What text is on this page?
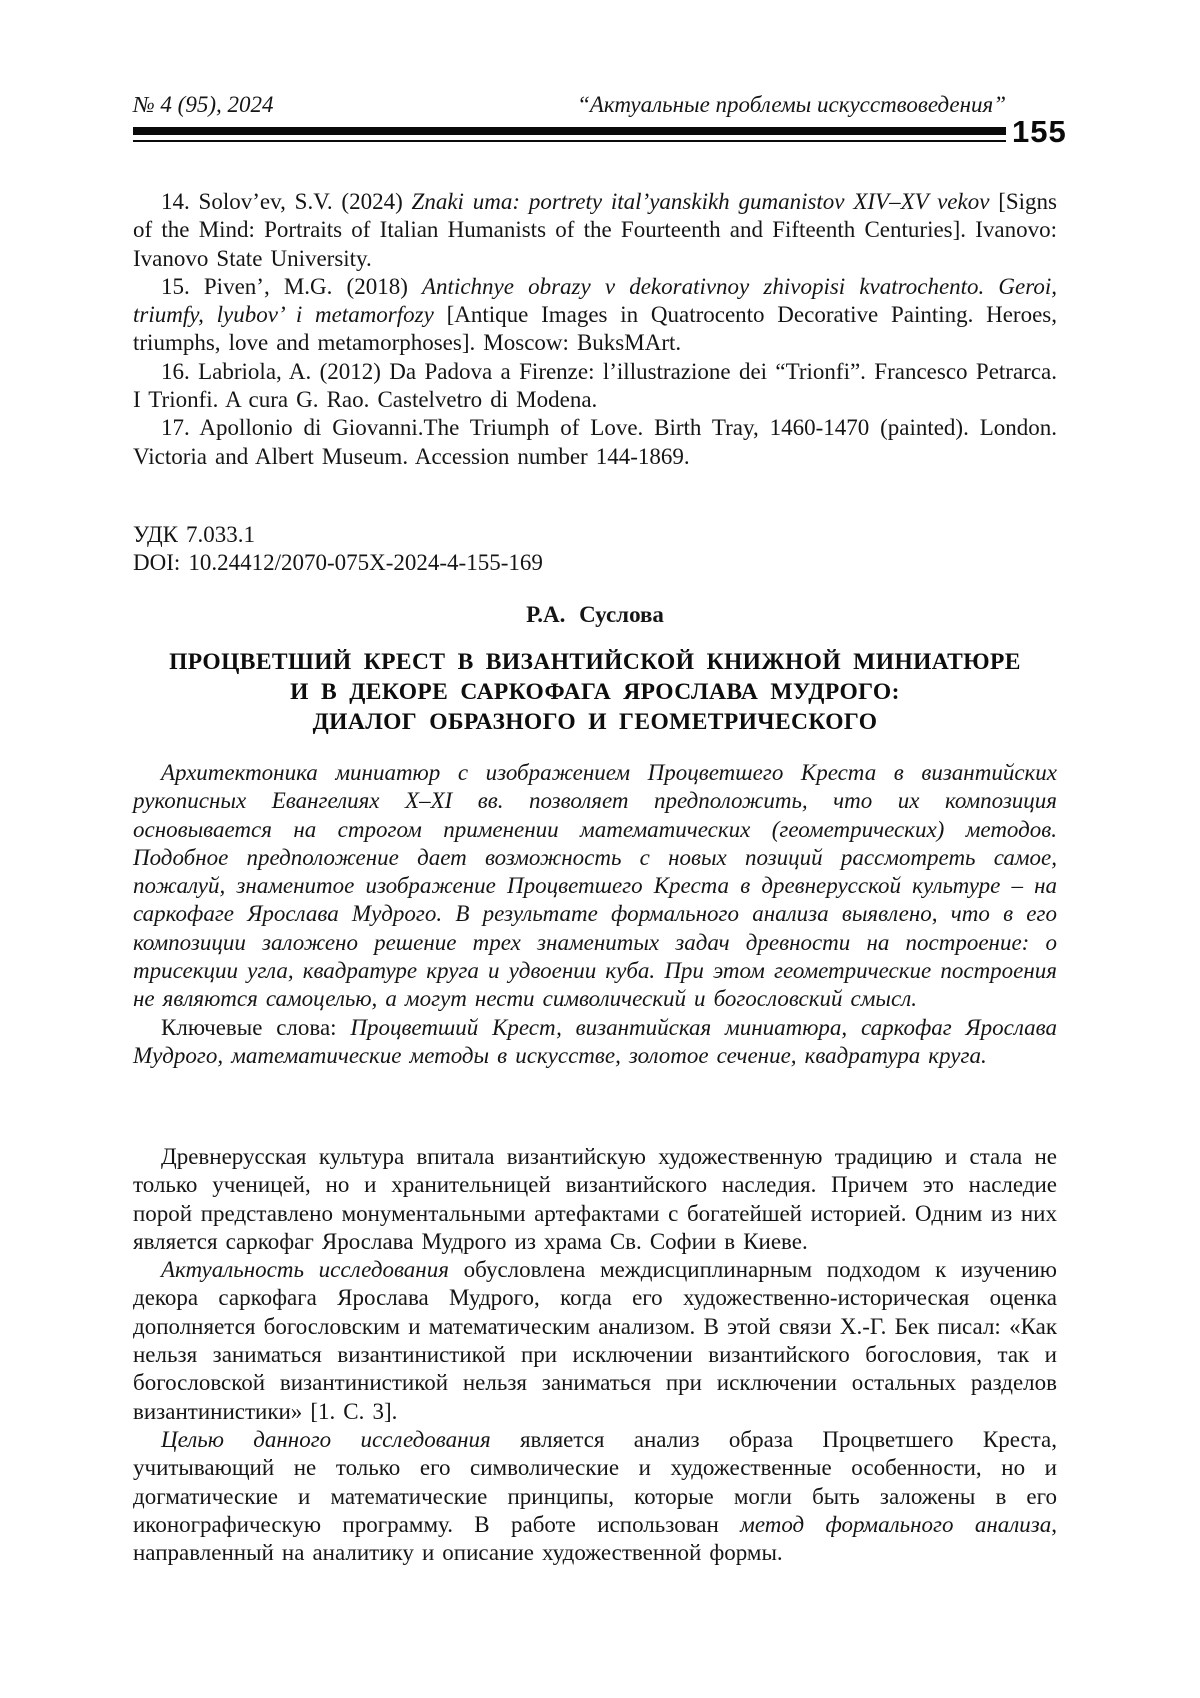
№ 4 (95), 2024	“Актуальные проблемы искусствоведения”
155

14. Solov’ev, S.V. (2024) Znaki uma: portrety ital’yanskikh gumanistov XIV–XV vekov [Signs of the Mind: Portraits of Italian Humanists of the Fourteenth and Fifteenth Centuries]. Ivanovo: Ivanovo State University.

15. Piven’, M.G. (2018) Antichnye obrazy v dekorativnoy zhivopisi kvatrochento. Geroi, triumfy, lyubov’ i metamorfozy [Antique Images in Quatrocento Decorative Painting. Heroes, triumphs, love and metamorphoses]. Moscow: BuksMArt.

16. Labriola, A. (2012) Da Padova a Firenze: l’illustrazione dei “Trionfi”. Francesco Petrarca. I Trionfi. A cura G. Rao. Castelvetro di Modena.

17. Apollonio di Giovanni.The Triumph of Love. Birth Tray, 1460-1470 (painted). London. Victoria and Albert Museum. Accession number 144-1869.

УДК 7.033.1

DOI: 10.24412/2070-075X-2024-4-155-169

Р.А. Суслова
ПРОЦВЕТШИЙ КРЕСТ В ВИЗАНТИЙСКОЙ КНИЖНОЙ МИНИАТЮРЕ
И В ДЕКОРЕ САРКОФАГА ЯРОСЛАВА МУДРОГО:
ДИАЛОГ ОБРАЗНОГО И ГЕОМЕТРИЧЕСКОГО

Архитектоника миниатюр с изображением Процветшего Креста в византийских рукописных Евангелиях X–XI вв. позволяет предположить, что их композиция основывается на строгом применении математических (геометрических) методов. Подобное предположение дает возможность с новых позиций рассмотреть самое, пожалуй, знаменитое изображение Процветшего Креста в древнерусской культуре – на саркофаге Ярослава Мудрого. В результате формального анализа выявлено, что в его композиции заложено решение трех знаменитых задач древности на построение: о трисекции угла, квадратуре круга и удвоении куба. При этом геометрические построения не являются самоцелью, а могут нести символический и богословский смысл.

Ключевые слова: Процветший Крест, византийская миниатюра, саркофаг Ярослава Мудрого, математические методы в искусстве, золотое сечение, квадратура круга.

Древнерусская культура впитала византийскую художественную традицию и стала не только ученицей, но и хранительницей византийского наследия. Причем это наследие порой представлено монументальными артефактами с богатейшей историей. Одним из них является саркофаг Ярослава Мудрого из храма Св. Софии в Киеве.

Актуальность исследования обусловлена междисциплинарным подходом к изучению декора саркофага Ярослава Мудрого, когда его художественно-историческая оценка дополняется богословским и математическим анализом. В этой связи Х.-Г. Бек писал: «Как нельзя заниматься византинистикой при исключении византийского богословия, так и богословской византинистикой нельзя заниматься при исключении остальных разделов византинистики» [1. С. 3].

Целью данного исследования является анализ образа Процветшего Креста, учитывающий не только его символические и художественные особенности, но и догматические и математические принципы, которые могли быть заложены в его иконографическую программу. В работе использован метод формального анализа, направленный на аналитику и описание художественной формы.
